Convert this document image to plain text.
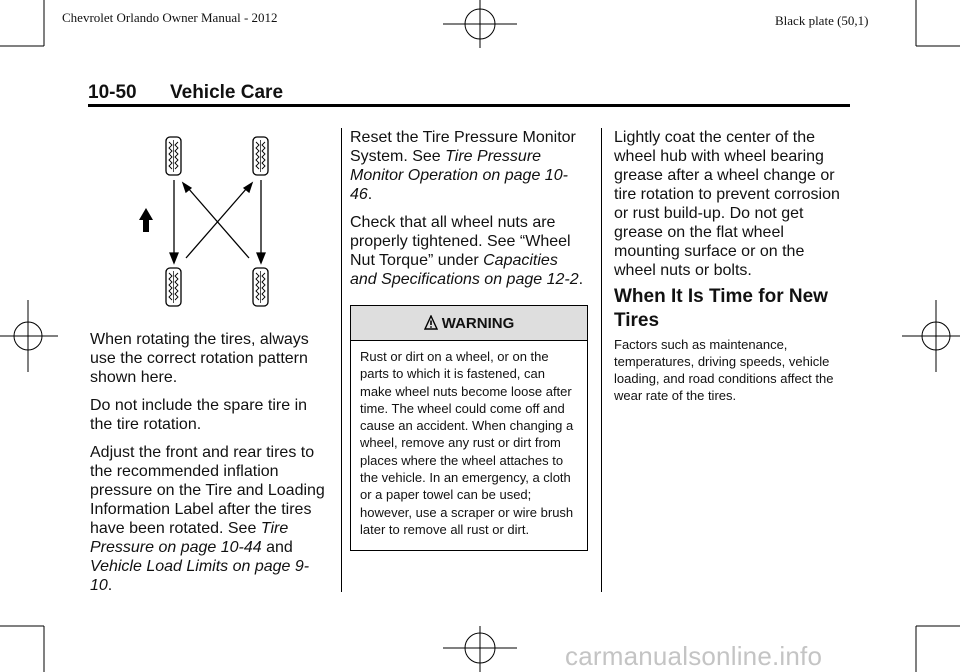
Chevrolet Orlando Owner Manual - 2012	Black plate (50,1)
10-50 Vehicle Care

When rotating the tires, always use the correct rotation pattern shown here.

Do not include the spare tire in the tire rotation.

Adjust the front and rear tires to the recommended inflation pressure on the Tire and Loading Information Label after the tires have been rotated. See Tire Pressure on page 10-44 and Vehicle Load Limits on page 9-10.

Reset the Tire Pressure Monitor System. See Tire Pressure Monitor Operation on page 10-46.

Check that all wheel nuts are properly tightened. See “Wheel Nut Torque” under Capacities and Specifications on page 12-2.

WARNING
Rust or dirt on a wheel, or on the parts to which it is fastened, can make wheel nuts become loose after time. The wheel could come off and cause an accident. When changing a wheel, remove any rust or dirt from places where the wheel attaches to the vehicle. In an emergency, a cloth or a paper towel can be used; however, use a scraper or wire brush later to remove all rust or dirt.

Lightly coat the center of the wheel hub with wheel bearing grease after a wheel change or tire rotation to prevent corrosion or rust build-up. Do not get grease on the flat wheel mounting surface or on the wheel nuts or bolts.

When It Is Time for New Tires
Factors such as maintenance, temperatures, driving speeds, vehicle loading, and road conditions affect the wear rate of the tires.
carmanualsonline.info
